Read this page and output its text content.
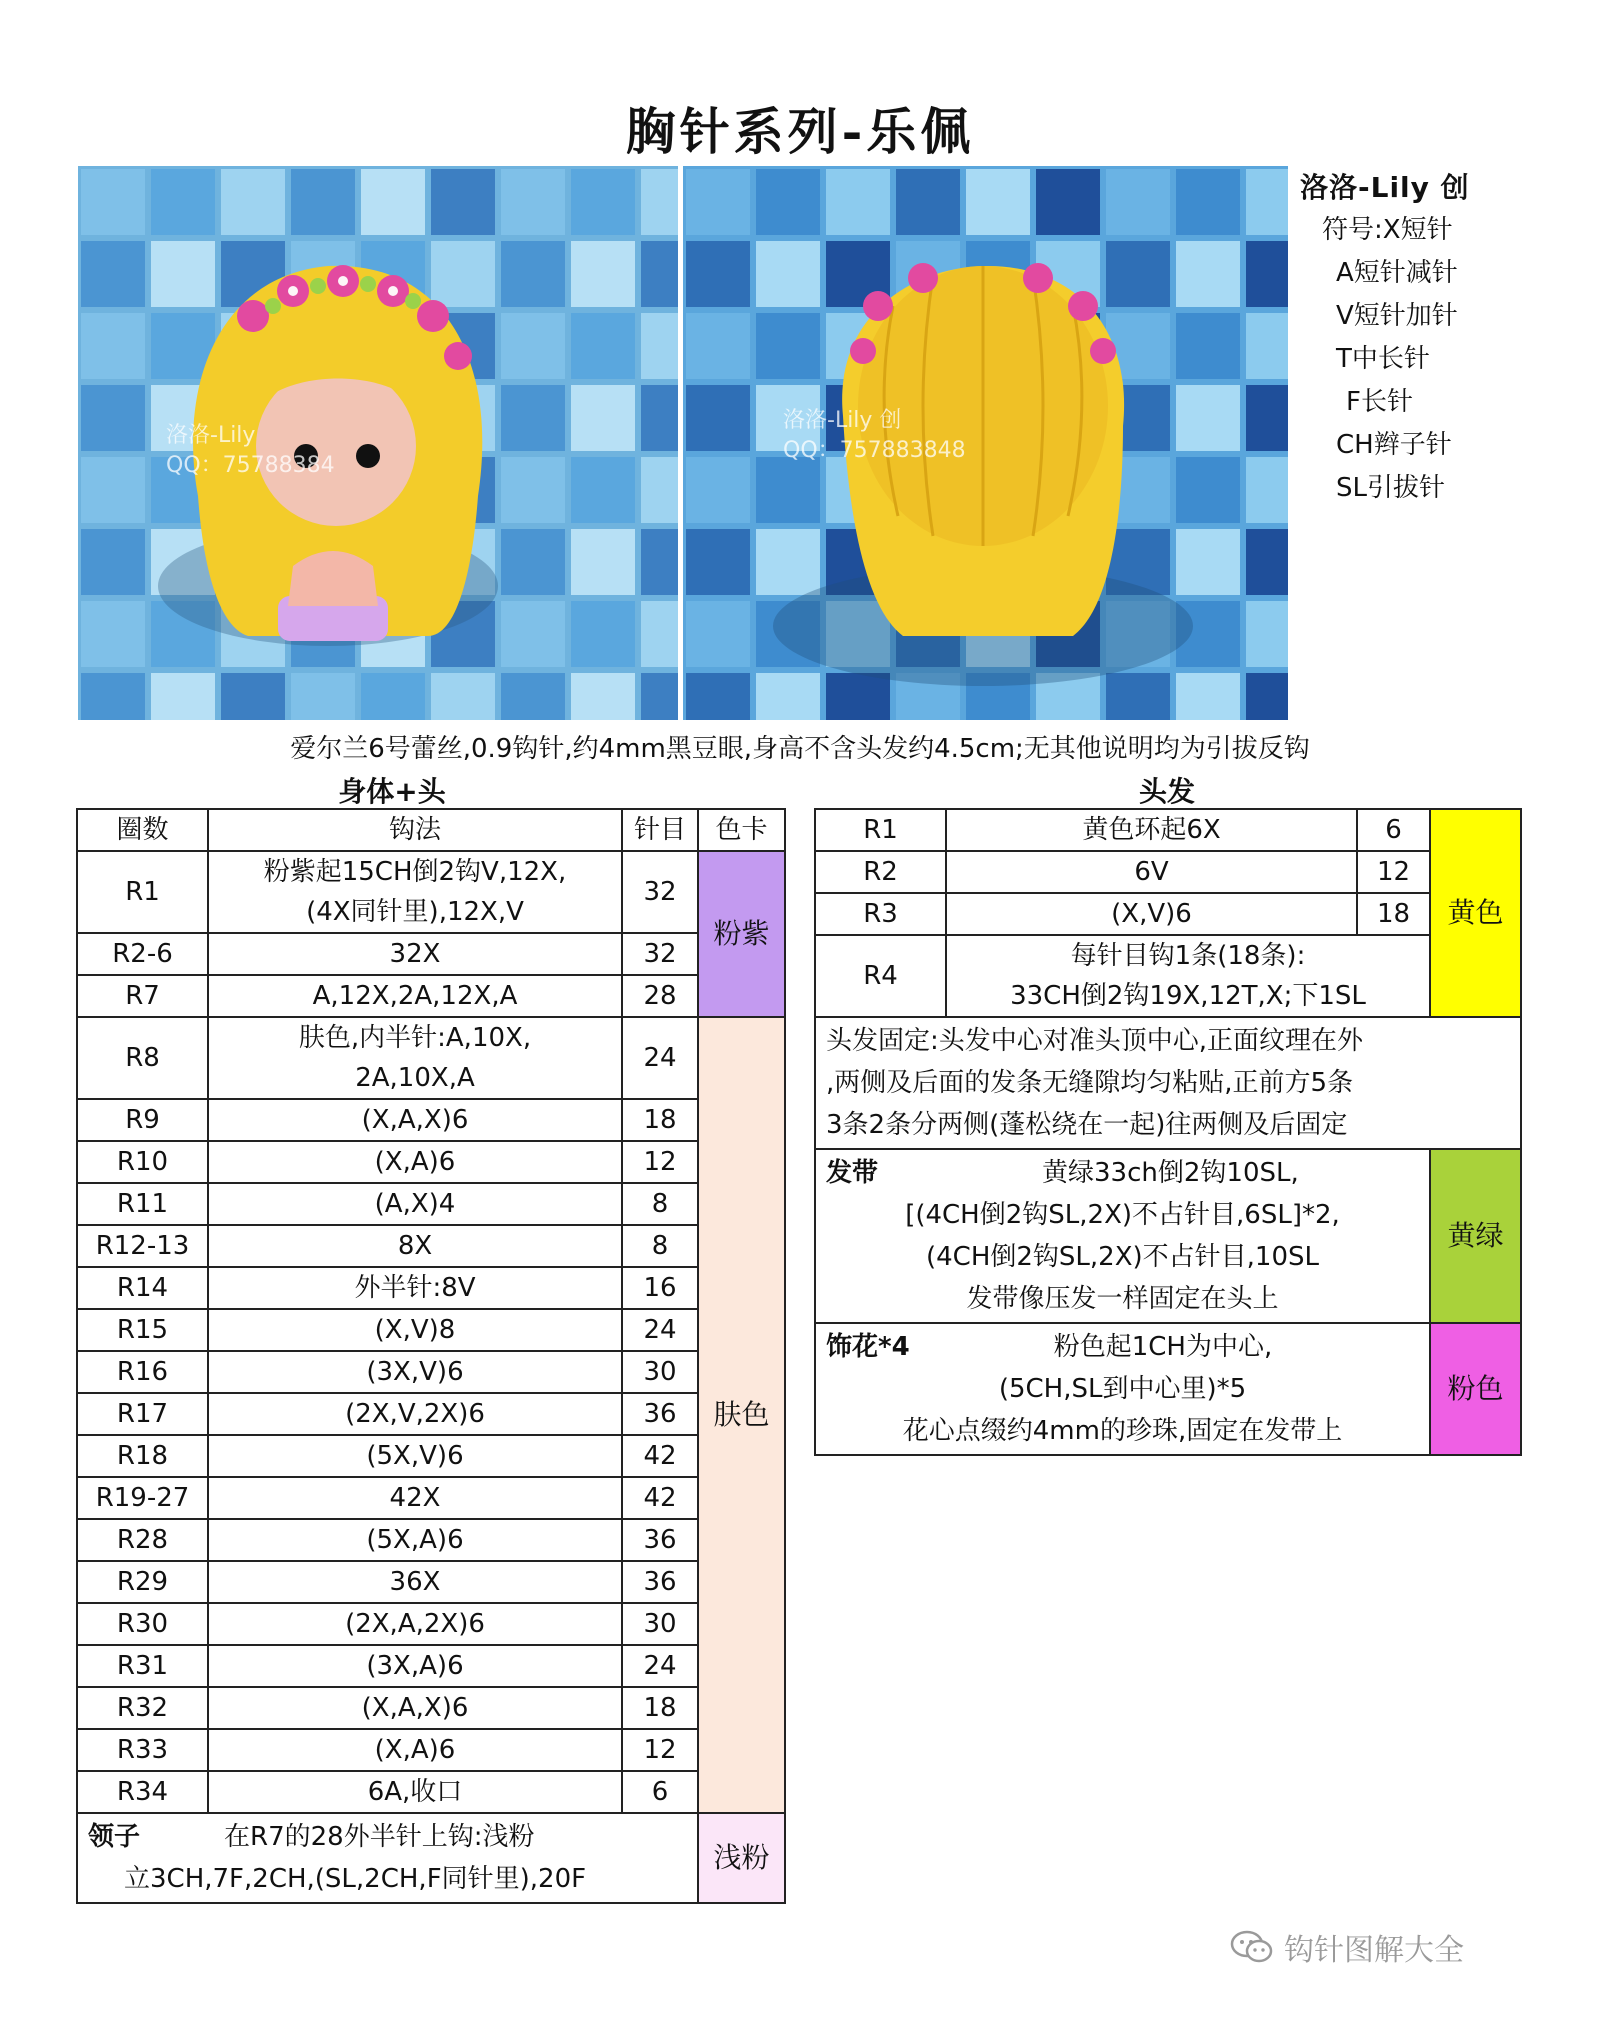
胸针系列-乐佩
洛洛-Lily
QQ：75788384
洛洛-Lily 创
QQ：757883848
洛洛-Lily 创
符号:X短针
A短针减针
V短针加针
T中长针
F长针
CH辫子针
SL引拔针
爱尔兰6号蕾丝,0.9钩针,约4mm黑豆眼,身高不含头发约4.5cm;无其他说明均为引拔反钩
身体+头	头发
圈数	钩法	针目	色卡
R1	粉紫起15CH倒2钩V,12X,
(4X同针里),12X,V	32	粉紫
R2-6	32X	32	
R7	A,12X,2A,12X,A	28	
R8	肤色,内半针:A,10X,
2A,10X,A	24	肤色
R9	(X,A,X)6	18	
R10	(X,A)6	12	
R11	(A,X)4	8	
R12-13	8X	8	
R14	外半针:8V	16	
R15	(X,V)8	24	
R16	(3X,V)6	30	
R17	(2X,V,2X)6	36	
R18	(5X,V)6	42	
R19-27	42X	42	
R28	(5X,A)6	36	
R29	36X	36	
R30	(2X,A,2X)6	30	
R31	(3X,A)6	24	
R32	(X,A,X)6	18	
R33	(X,A)6	12	
R34	6A,收口	6	

领子 在R7的28外半针上钩:浅粉
立3CH,7F,2CH,(SL,2CH,F同针里),20F			浅粉
R1	黄色环起6X	6	黄色
R2	6V	12	
R3	(X,V)6	18	
R4	每针目钩1条(18条):
33CH倒2钩19X,12T,X;下1SL		
头发固定:头发中心对准头顶中心,正面纹理在外
,两侧及后面的发条无缝隙均匀粘贴,正前方5条
3条2条分两侧(蓬松绕在一起)往两侧及后固定			

发带 黄绿33ch倒2钩10SL,
[(4CH倒2钩SL,2X)不占针目,6SL]*2,
(4CH倒2钩SL,2X)不占针目,10SL
发带像压发一样固定在头上			黄绿

饰花*4 粉色起1CH为中心,
(5CH,SL到中心里)*5
花心点缀约4mm的珍珠,固定在发带上			粉色
钩针图解大全
